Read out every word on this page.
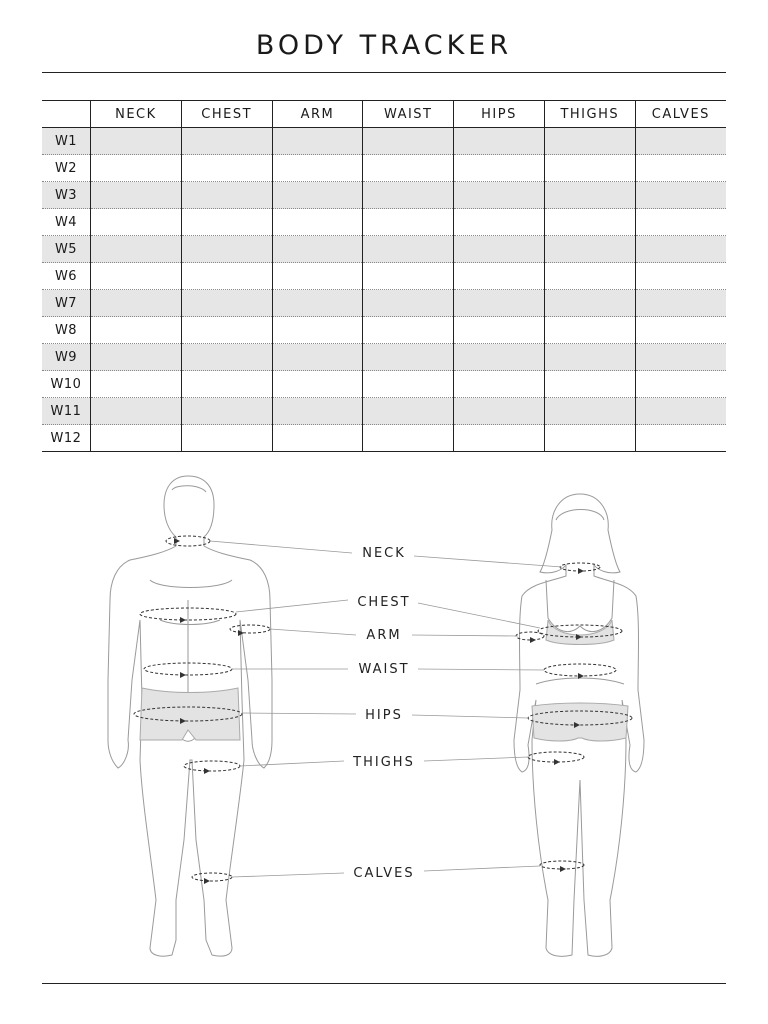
BODY TRACKER
	NECK	CHEST	ARM	WAIST	HIPS	THIGHS	CALVES
W1							
W2							
W3							
W4							
W5							
W6							
W7							
W8							
W9							
W10							
W11							
W12							
NECK
CHEST
ARM
WAIST
HIPS
THIGHS
CALVES
